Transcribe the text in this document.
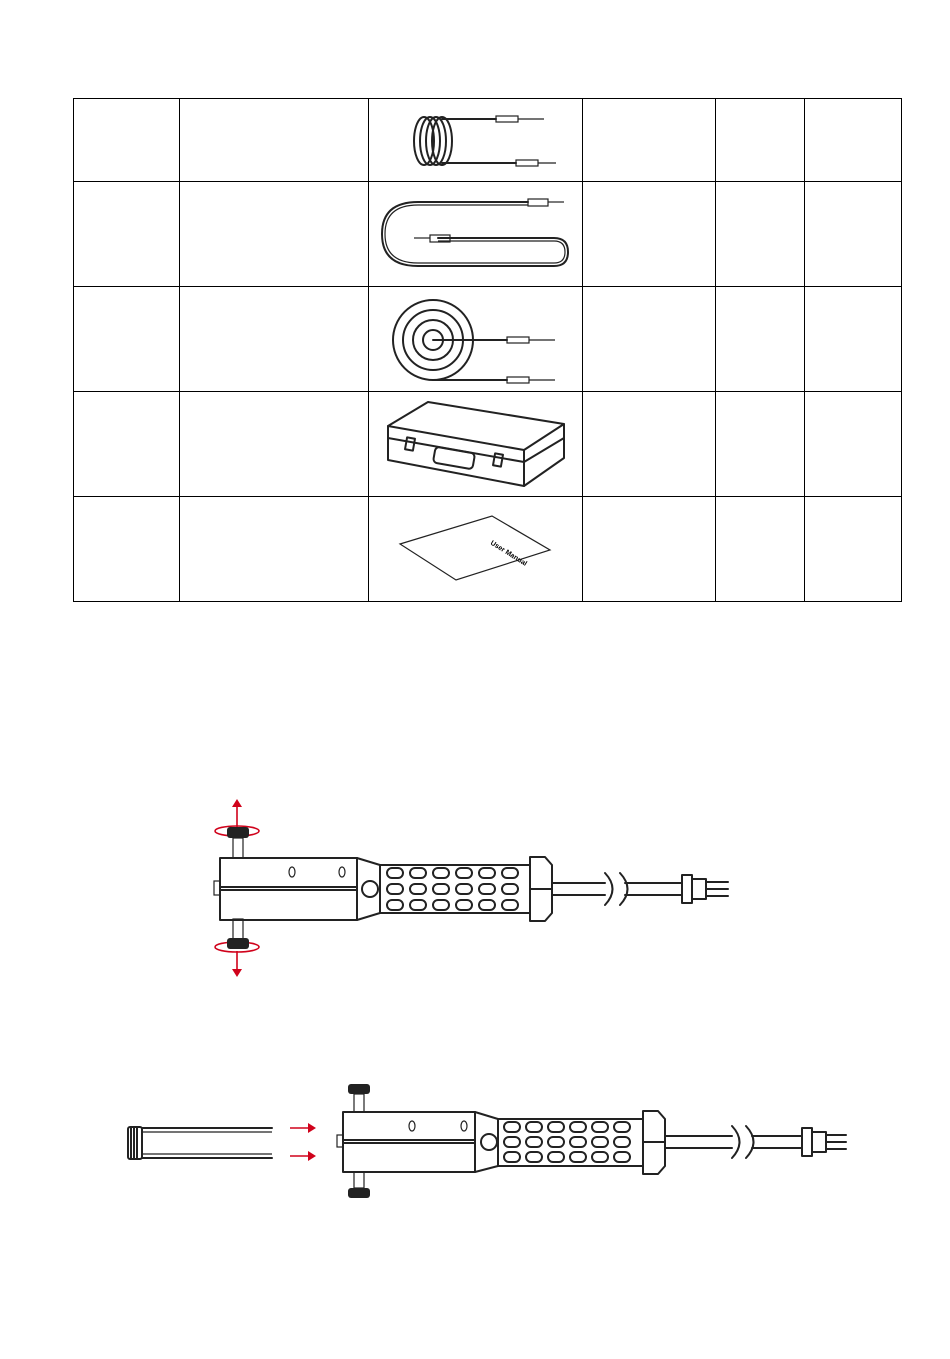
User Manual			
